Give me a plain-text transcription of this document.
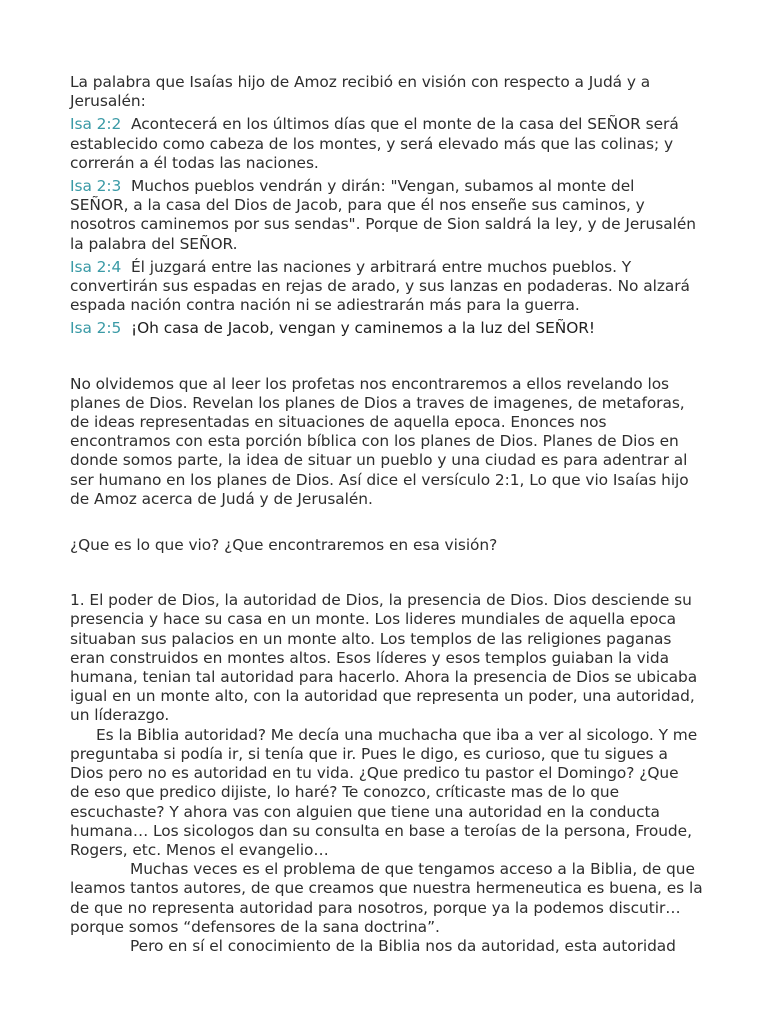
La palabra que Isaías hijo de Amoz recibió en visión con respecto a Judá y a
Jerusalén:
Isa 2:2 Acontecerá en los últimos días que el monte de la casa del SEÑOR será
establecido como cabeza de los montes, y será elevado más que las colinas; y
correrán a él todas las naciones.
Isa 2:3 Muchos pueblos vendrán y dirán: "Vengan, subamos al monte del
SEÑOR, a la casa del Dios de Jacob, para que él nos enseñe sus caminos, y
nosotros caminemos por sus sendas". Porque de Sion saldrá la ley, y de Jerusalén
la palabra del SEÑOR.
Isa 2:4 Él juzgará entre las naciones y arbitrará entre muchos pueblos. Y
convertirán sus espadas en rejas de arado, y sus lanzas en podaderas. No alzará
espada nación contra nación ni se adiestrarán más para la guerra.
Isa 2:5 ¡Oh casa de Jacob, vengan y caminemos a la luz del SEÑOR!
No olvidemos que al leer los profetas nos encontraremos a ellos revelando los
planes de Dios. Revelan los planes de Dios a traves de imagenes, de metaforas,
de ideas representadas en situaciones de aquella epoca. Enonces nos
encontramos con esta porción bíblica con los planes de Dios. Planes de Dios en
donde somos parte, la idea de situar un pueblo y una ciudad es para adentrar al
ser humano en los planes de Dios. Así dice el versículo 2:1, Lo que vio Isaías hijo
de Amoz acerca de Judá y de Jerusalén.
¿Que es lo que vio? ¿Que encontraremos en esa visión?
1. El poder de Dios, la autoridad de Dios, la presencia de Dios. Dios desciende su
presencia y hace su casa en un monte. Los lideres mundiales de aquella epoca
situaban sus palacios en un monte alto. Los templos de las religiones paganas
eran construidos en montes altos. Esos líderes y esos templos guiaban la vida
humana, tenian tal autoridad para hacerlo. Ahora la presencia de Dios se ubicaba
igual en un monte alto, con la autoridad que representa un poder, una autoridad,
un líderazgo.
Es la Biblia autoridad? Me decía una muchacha que iba a ver al sicologo. Y me
preguntaba si podía ir, si tenía que ir. Pues le digo, es curioso, que tu sigues a
Dios pero no es autoridad en tu vida. ¿Que predico tu pastor el Domingo? ¿Que
de eso que predico dijiste, lo haré? Te conozco, críticaste mas de lo que
escuchaste? Y ahora vas con alguien que tiene una autoridad en la conducta
humana… Los sicologos dan su consulta en base a teroías de la persona, Froude,
Rogers, etc. Menos el evangelio…
Muchas veces es el problema de que tengamos acceso a la Biblia, de que
leamos tantos autores, de que creamos que nuestra hermeneutica es buena, es la
de que no representa autoridad para nosotros, porque ya la podemos discutir…
porque somos “defensores de la sana doctrina”.
Pero en sí el conocimiento de la Biblia nos da autoridad, esta autoridad
